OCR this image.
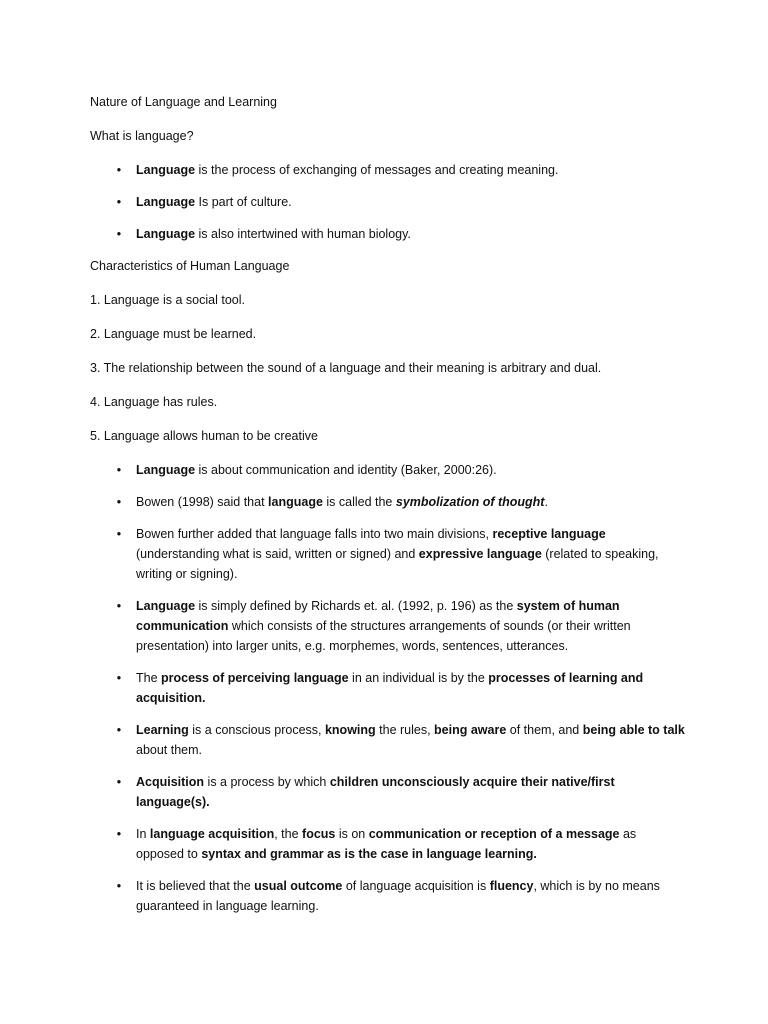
Nature of Language and Learning

What is language?

• Language is the process of exchanging of messages and creating meaning.
• Language Is part of culture.
• Language is also intertwined with human biology.

Characteristics of Human Language

1. Language is a social tool.

2. Language must be learned.

3. The relationship between the sound of a language and their meaning is arbitrary and dual.

4. Language has rules.

5. Language allows human to be creative

• Language is about communication and identity (Baker, 2000:26).
• Bowen (1998) said that language is called the symbolization of thought.
• Bowen further added that language falls into two main divisions, receptive language (understanding what is said, written or signed) and expressive language (related to speaking, writing or signing).
• Language is simply defined by Richards et. al. (1992, p. 196) as the system of human communication which consists of the structures arrangements of sounds (or their written presentation) into larger units, e.g. morphemes, words, sentences, utterances.
• The process of perceiving language in an individual is by the processes of learning and acquisition.
• Learning is a conscious process, knowing the rules, being aware of them, and being able to talk about them.
• Acquisition is a process by which children unconsciously acquire their native/first language(s).
• In language acquisition, the focus is on communication or reception of a message as opposed to syntax and grammar as is the case in language learning.
• It is believed that the usual outcome of language acquisition is fluency, which is by no means guaranteed in language learning.
